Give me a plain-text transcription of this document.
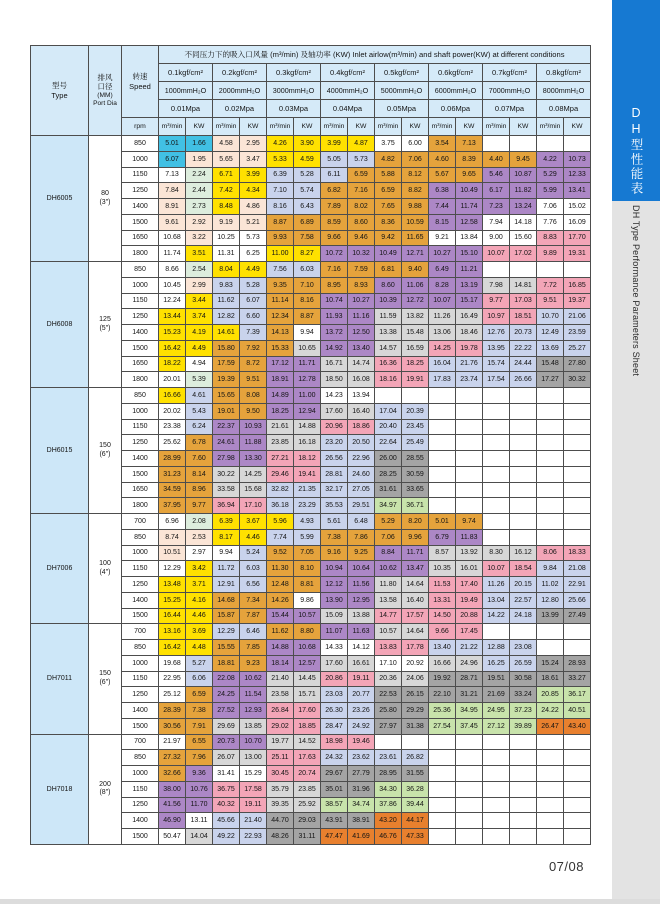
型号
Type

排风
口径
(MM)
Port Dia

转速
Speed
	不同压力下的吸入口风量 (m³/min) 及轴功率 (KW) Inlet airlow(m³/min) and shaft power(KW) at different conditions
			0.1kgf/cm²		0.2kgf/cm²		0.3kgf/cm²		0.4kgf/cm²		0.5kgf/cm²		0.6kgf/cm²		0.7kgf/cm²		0.8kgf/cm²	
			1000mmH₂O		2000mmH₂O		3000mmH₂O		4000mmH₂O		5000mmH₂O		6000mmH₂O		7000mmH₂O		8000mmH₂O	
			0.01Mpa		0.02Mpa		0.03Mpa		0.04Mpa		0.05Mpa		0.06Mpa		0.07Mpa		0.08Mpa	
		rpm	m³/min	KW	m³/min	KW	m³/min	KW	m³/min	KW	m³/min	KW	m³/min	KW	m³/min	KW	m³/min	KW
DH6005	80
(3")	850	5.01	1.66	4.58	2.95	4.26	3.90	3.99	4.87	3.75	6.00	3.54	7.13				
		1000	6.07	1.95	5.65	3.47	5.33	4.59	5.05	5.73	4.82	7.06	4.60	8.39	4.40	9.45	4.22	10.73
		1150	7.13	2.24	6.71	3.99	6.39	5.28	6.11	6.59	5.88	8.12	5.67	9.65	5.46	10.87	5.29	12.33
		1250	7.84	2.44	7.42	4.34	7.10	5.74	6.82	7.16	6.59	8.82	6.38	10.49	6.17	11.82	5.99	13.41
		1400	8.91	2.73	8.48	4.86	8.16	6.43	7.89	8.02	7.65	9.88	7.44	11.74	7.23	13.24	7.06	15.02
		1500	9.61	2.92	9.19	5.21	8.87	6.89	8.59	8.60	8.36	10.59	8.15	12.58	7.94	14.18	7.76	16.09
		1650	10.68	3.22	10.25	5.73	9.93	7.58	9.66	9.46	9.42	11.65	9.21	13.84	9.00	15.60	8.83	17.70
		1800	11.74	3.51	11.31	6.25	11.00	8.27	10.72	10.32	10.49	12.71	10.27	15.10	10.07	17.02	9.89	19.31
DH6008	125
(5")	850	8.66	2.54	8.04	4.49	7.56	6.03	7.16	7.59	6.81	9.40	6.49	11.21				
		1000	10.45	2.99	9.83	5.28	9.35	7.10	8.95	8.93	8.60	11.06	8.28	13.19	7.98	14.81	7.72	16.85
		1150	12.24	3.44	11.62	6.07	11.14	8.16	10.74	10.27	10.39	12.72	10.07	15.17	9.77	17.03	9.51	19.37
		1250	13.44	3.74	12.82	6.60	12.34	8.87	11.93	11.16	11.59	13.82	11.26	16.49	10.97	18.51	10.70	21.06
		1400	15.23	4.19	14.61	7.39	14.13	9.94	13.72	12.50	13.38	15.48	13.06	18.46	12.76	20.73	12.49	23.59
		1500	16.42	4.49	15.80	7.92	15.33	10.65	14.92	13.40	14.57	16.59	14.25	19.78	13.95	22.22	13.69	25.27
		1650	18.22	4.94	17.59	8.72	17.12	11.71	16.71	14.74	16.36	18.25	16.04	21.76	15.74	24.44	15.48	27.80
		1800	20.01	5.39	19.39	9.51	18.91	12.78	18.50	16.08	18.16	19.91	17.83	23.74	17.54	26.66	17.27	30.32
DH6015	150
(6")	850	16.66	4.61	15.65	8.08	14.89	11.00	14.23	13.94								
		1000	20.02	5.43	19.01	9.50	18.25	12.94	17.60	16.40	17.04	20.39						
		1150	23.38	6.24	22.37	10.93	21.61	14.88	20.96	18.86	20.40	23.45						
		1250	25.62	6.78	24.61	11.88	23.85	16.18	23.20	20.50	22.64	25.49						
		1400	28.99	7.60	27.98	13.30	27.21	18.12	26.56	22.96	26.00	28.55						
		1500	31.23	8.14	30.22	14.25	29.46	19.41	28.81	24.60	28.25	30.59						
		1650	34.59	8.96	33.58	15.68	32.82	21.35	32.17	27.05	31.61	33.65						
		1800	37.95	9.77	36.94	17.10	36.18	23.29	35.53	29.51	34.97	36.71						
DH7006	100
(4")	700	6.96	2.08	6.39	3.67	5.96	4.93	5.61	6.48	5.29	8.20	5.01	9.74				
		850	8.74	2.53	8.17	4.46	7.74	5.99	7.38	7.86	7.06	9.96	6.79	11.83				
		1000	10.51	2.97	9.94	5.24	9.52	7.05	9.16	9.25	8.84	11.71	8.57	13.92	8.30	16.12	8.06	18.33
		1150	12.29	3.42	11.72	6.03	11.30	8.10	10.94	10.64	10.62	13.47	10.35	16.01	10.07	18.54	9.84	21.08
		1250	13.48	3.71	12.91	6.56	12.48	8.81	12.12	11.56	11.80	14.64	11.53	17.40	11.26	20.15	11.02	22.91
		1400	15.25	4.16	14.68	7.34	14.26	9.86	13.90	12.95	13.58	16.40	13.31	19.49	13.04	22.57	12.80	25.66
		1500	16.44	4.46	15.87	7.87	15.44	10.57	15.09	13.88	14.77	17.57	14.50	20.88	14.22	24.18	13.99	27.49
DH7011	150
(6")	700	13.16	3.69	12.29	6.46	11.62	8.80	11.07	11.63	10.57	14.64	9.66	17.45				
		850	16.42	4.48	15.55	7.85	14.88	10.68	14.33	14.12	13.83	17.78	13.40	21.22	12.88	23.08		
		1000	19.68	5.27	18.81	9.23	18.14	12.57	17.60	16.61	17.10	20.92	16.66	24.96	16.25	26.59	15.24	28.93
		1150	22.95	6.06	22.08	10.62	21.40	14.45	20.86	19.11	20.36	24.06	19.92	28.71	19.51	30.58	18.61	33.27
		1250	25.12	6.59	24.25	11.54	23.58	15.71	23.03	20.77	22.53	26.15	22.10	31.21	21.69	33.24	20.85	36.17
		1400	28.39	7.38	27.52	12.93	26.84	17.60	26.30	23.26	25.80	29.29	25.36	34.95	24.95	37.23	24.22	40.51
		1500	30.56	7.91	29.69	13.85	29.02	18.85	28.47	24.92	27.97	31.38	27.54	37.45	27.12	39.89	26.47	43.40
DH7018	200
(8")	700	21.97	6.55	20.73	10.70	19.77	14.52	18.98	19.46								
		850	27.32	7.96	26.07	13.00	25.11	17.63	24.32	23.62	23.61	26.82						
		1000	32.66	9.36	31.41	15.29	30.45	20.74	29.67	27.79	28.95	31.55						
		1150	38.00	10.76	36.75	17.58	35.79	23.85	35.01	31.96	34.30	36.28						
		1250	41.56	11.70	40.32	19.11	39.35	25.92	38.57	34.74	37.86	39.44						
		1400	46.90	13.11	45.66	21.40	44.70	29.03	43.91	38.91	43.20	44.17						
		1500	50.47	14.04	49.22	22.93	48.26	31.11	47.47	41.69	46.76	47.33						
07/08
DH型性能表
DH Type Performance Parameters Sheet
